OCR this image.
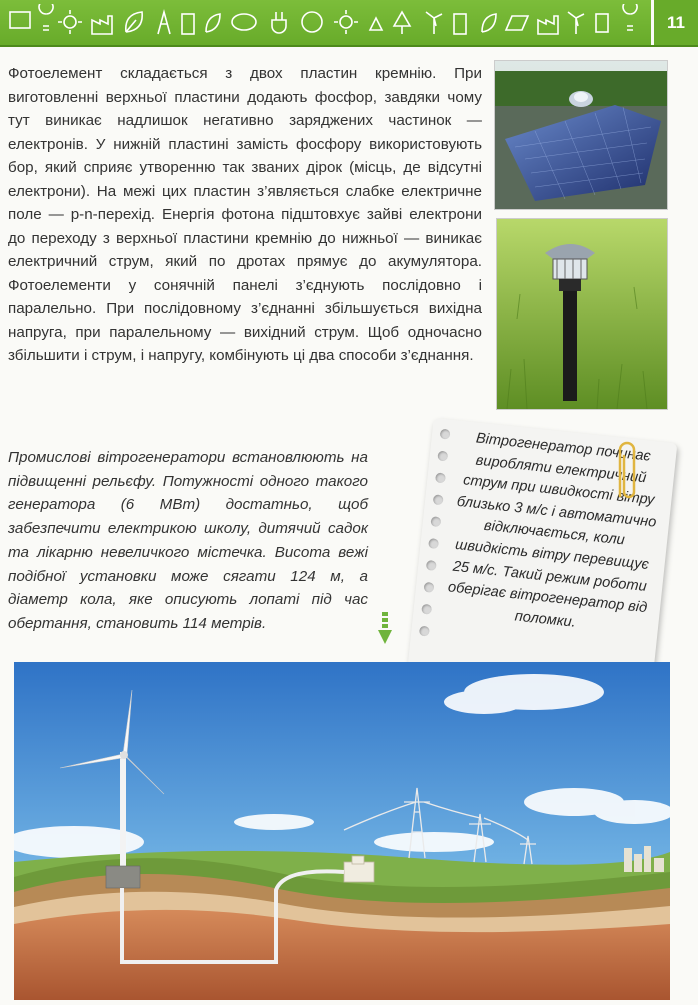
11

Фотоелемент складається з двох пластин кремнію. При виготовленні верхньої пластини додають фосфор, завдяки чому тут виникає надлишок негативно заряджених частинок — електронів. У нижній пластині замість фосфору використовують бор, який сприяє утворенню так званих дірок (місць, де відсутні електрони). На межі цих пластин з’являється слабке електричне поле — p-n-перехід. Енергія фотона підштовхує зайві електрони до переходу з верхньої пластини кремнію до нижньої — виникає електричний струм, який по дротах прямує до акумулятора. Фотоелементи у сонячній панелі з’єднують послідовно і паралельно. При послідовному з’єднанні збільшується вихідна напруга, при паралельному — вихідний струм. Щоб одночасно збільшити і струм, і напругу, комбінують ці два способи з’єднання.

Промислові вітрогенератори встановлюють на підвищенні рельєфу. Потужності одного такого генератора (6 МВт) достатньо, щоб забезпечити електрикою школу, дитячий садок та лікарню невеличкого містечка. Висота вежі подібної установки може сягати 124 м, а діаметр кола, яке описують лопаті під час обертання, становить 114 метрів.

Вітрогенератор починає виробляти електричний струм при швидкості вітру близько 3 м/с і автоматично відключається, коли швидкість вітру перевищує 25 м/с. Такий режим роботи оберігає вітрогенератор від поломки.
